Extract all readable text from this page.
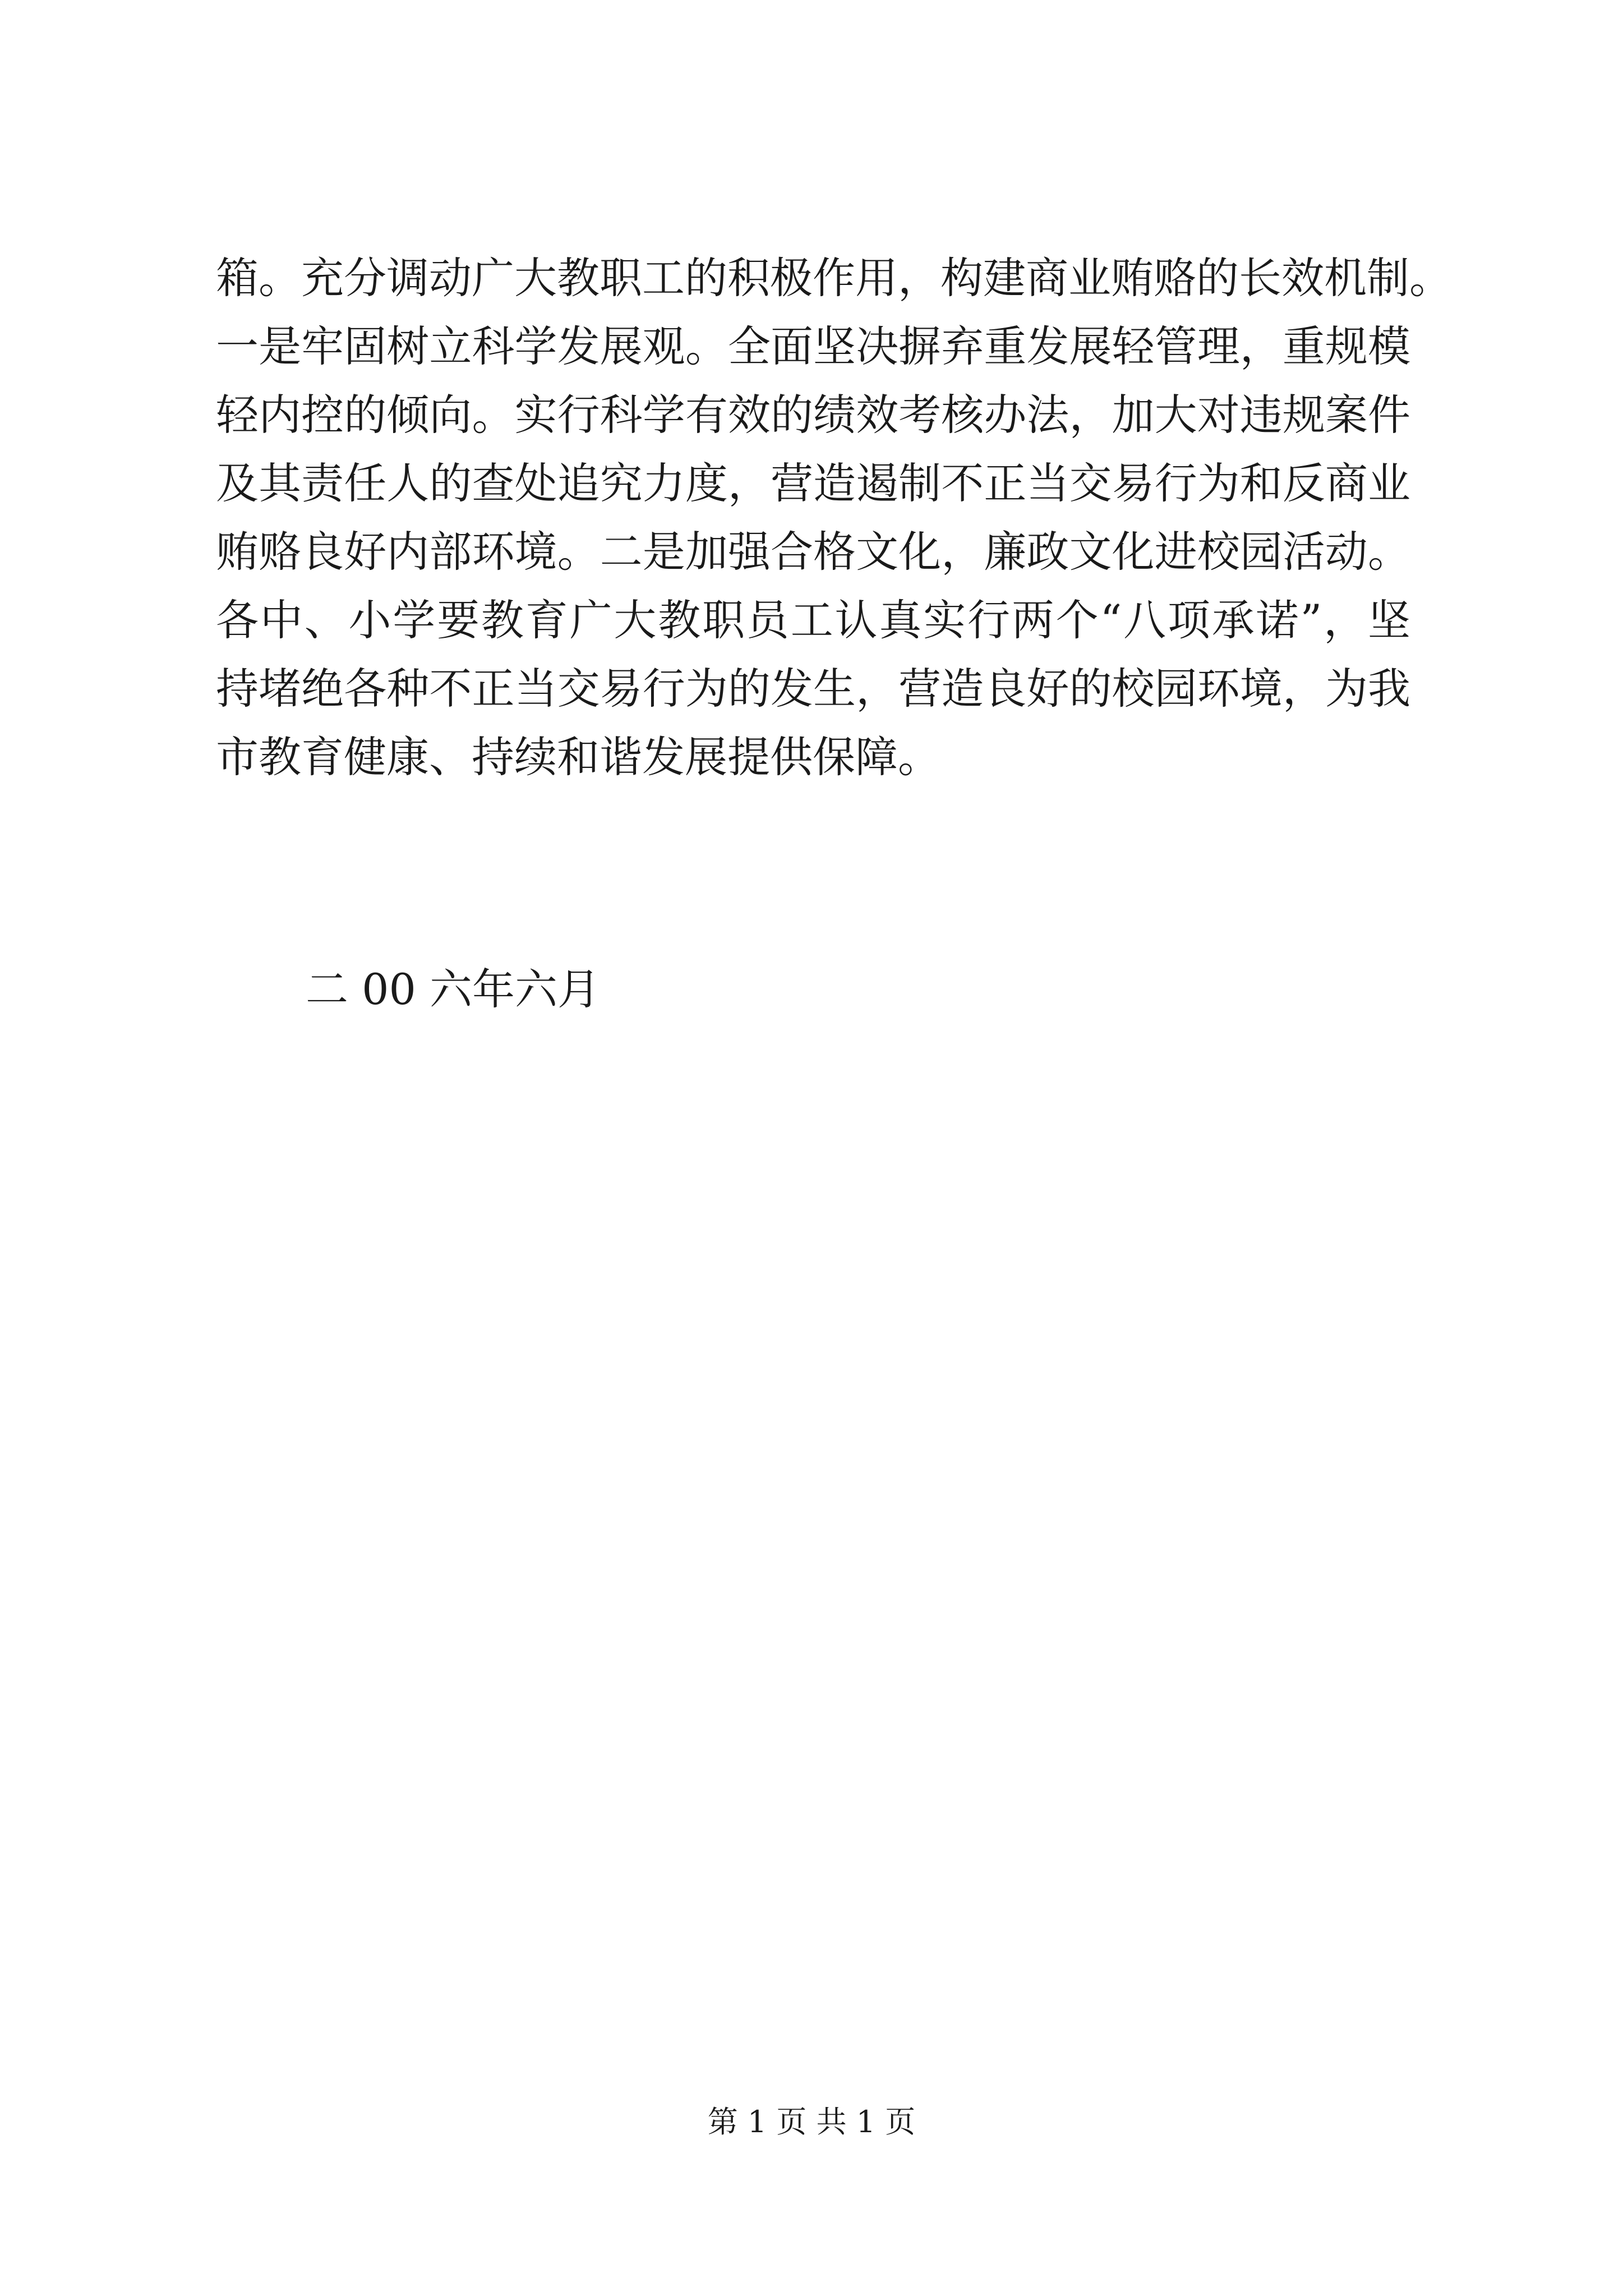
箱。充分调动广大教职工的积极作用，构建商业贿赂的长效机制。
一是牢固树立科学发展观。全面坚决摒弃重发展轻管理，重规模
轻内控的倾向。实行科学有效的绩效考核办法，加大对违规案件
及其责任人的查处追究力度，营造遏制不正当交易行为和反商业
贿赂良好内部环境。二是加强合格文化，廉政文化进校园活动。
各中、小学要教育广大教职员工认真实行两个“八项承诺”，坚
持堵绝各种不正当交易行为的发生，营造良好的校园环境，为我
市教育健康、持续和谐发展提供保障。
二 00 六年六月
第 1 页 共 1 页
